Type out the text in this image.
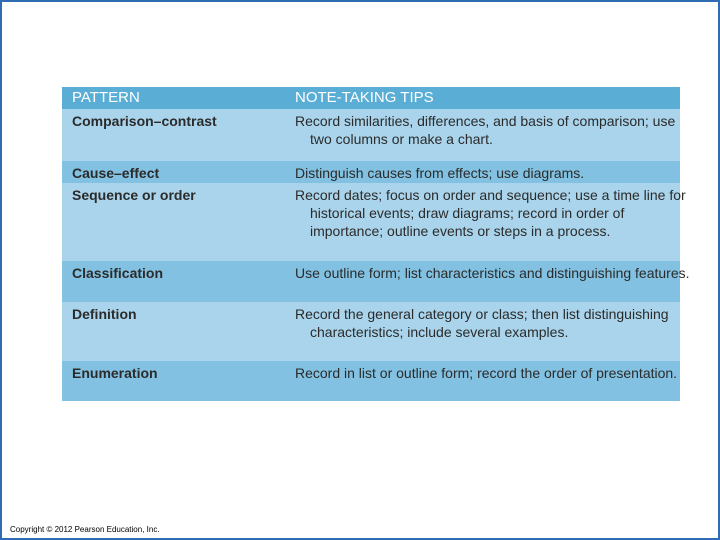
PATTERN	NOTE-TAKING TIPS
Comparison–contrast	Record similarities, differences, and basis of comparison; use two columns or make a chart.
Cause–effect	Distinguish causes from effects; use diagrams.
Sequence or order	Record dates; focus on order and sequence; use a time line for historical events; draw diagrams; record in order of importance; outline events or steps in a process.
Classification	Use outline form; list characteristics and distinguishing features.
Definition	Record the general category or class; then list distinguishing characteristics; include several examples.
Enumeration	Record in list or outline form; record the order of presentation.
Copyright © 2012 Pearson Education, Inc.
